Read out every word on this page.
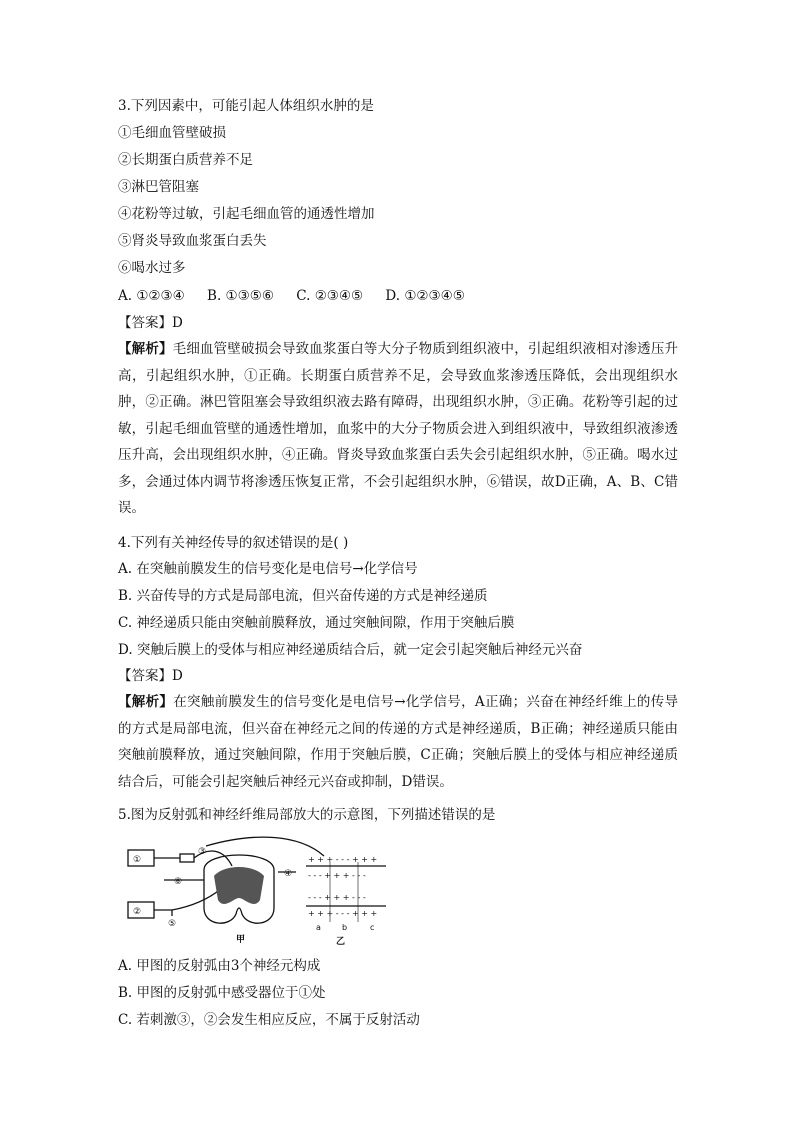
3.下列因素中，可能引起人体组织水肿的是
①毛细血管壁破损
②长期蛋白质营养不足
③淋巴管阻塞
④花粉等过敏，引起毛细血管的通透性增加
⑤肾炎导致血浆蛋白丢失
⑥喝水过多
A. ①②③④ B. ①③⑤⑥ C. ②③④⑤ D. ①②③④⑤
【答案】D
【解析】毛细血管壁破损会导致血浆蛋白等大分子物质到组织液中，引起组织液相对渗透压升高，引起组织水肿，①正确。长期蛋白质营养不足，会导致血浆渗透压降低，会出现组织水肿，②正确。淋巴管阻塞会导致组织液去路有障碍，出现组织水肿，③正确。花粉等引起的过敏，引起毛细血管壁的通透性增加，血浆中的大分子物质会进入到组织液中，导致组织液渗透压升高，会出现组织水肿，④正确。肾炎导致血浆蛋白丢失会引起组织水肿，⑤正确。喝水过多，会通过体内调节将渗透压恢复正常，不会引起组织水肿，⑥错误，故D正确，A、B、C错误。
4.下列有关神经传导的叙述错误的是( )
A. 在突触前膜发生的信号变化是电信号→化学信号
B. 兴奋传导的方式是局部电流，但兴奋传递的方式是神经递质
C. 神经递质只能由突触前膜释放，通过突触间隙，作用于突触后膜
D. 突触后膜上的受体与相应神经递质结合后，就一定会引起突触后神经元兴奋
【答案】D
【解析】在突触前膜发生的信号变化是电信号→化学信号，A正确；兴奋在神经纤维上的传导的方式是局部电流，但兴奋在神经元之间的传递的方式是神经递质，B正确；神经递质只能由突触前膜释放，通过突触间隙，作用于突触后膜，C正确；突触后膜上的受体与相应神经递质结合后，可能会引起突触后神经元兴奋或抑制，D错误。
5.图为反射弧和神经纤维局部放大的示意图，下列描述错误的是
①
②
③
④
⑤
⑥
甲	乙
+ + + - - - + + +
- - - + + + - - -
- - - + + + - - -
+ + + - - - + + +
a	b	c
A. 甲图的反射弧由3个神经元构成
B. 甲图的反射弧中感受器位于①处
C. 若刺激③，②会发生相应反应，不属于反射活动
